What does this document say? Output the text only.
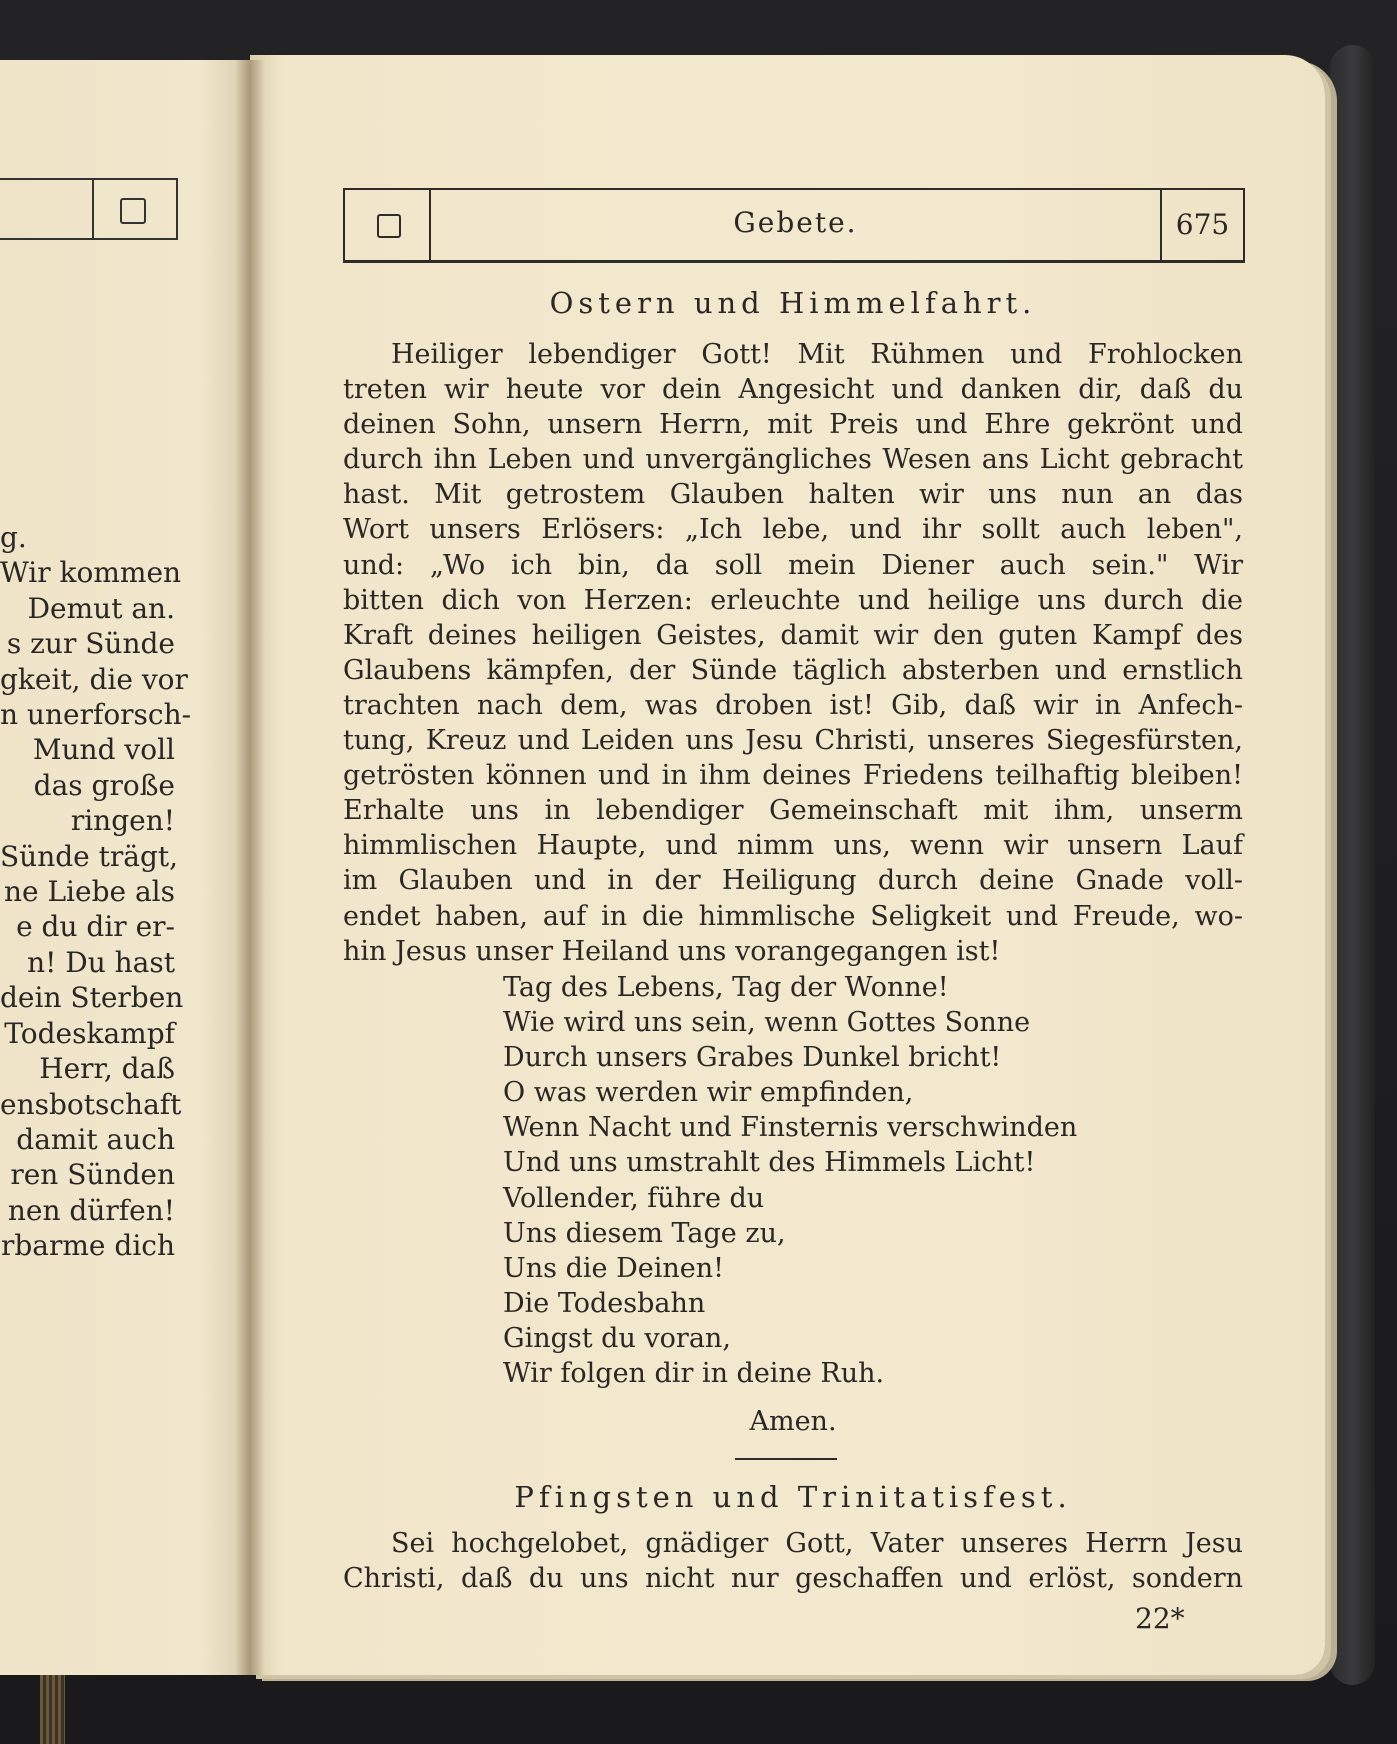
g.
Wir kommen
Demut an.
s zur Sünde
gkeit, die vor
n unerforsch-
Mund voll
das große
ringen!
Sünde trägt,
ne Liebe als
e du dir er-
n! Du hast
dein Sterben
Todeskampf
Herr, daß
ensbotschaft
damit auch
ren Sünden
nen dürfen!
rbarme dich
Gebete.	675
Ostern und Himmelfahrt.
Heiliger lebendiger Gott! Mit Rühmen und Frohlocken
treten wir heute vor dein Angesicht und danken dir, daß du
deinen Sohn, unsern Herrn, mit Preis und Ehre gekrönt und
durch ihn Leben und unvergängliches Wesen ans Licht gebracht
hast. Mit getrostem Glauben halten wir uns nun an das
Wort unsers Erlösers: „Ich lebe, und ihr sollt auch leben",
und: „Wo ich bin, da soll mein Diener auch sein." Wir
bitten dich von Herzen: erleuchte und heilige uns durch die
Kraft deines heiligen Geistes, damit wir den guten Kampf des
Glaubens kämpfen, der Sünde täglich absterben und ernstlich
trachten nach dem, was droben ist! Gib, daß wir in Anfech-
tung, Kreuz und Leiden uns Jesu Christi, unseres Siegesfürsten,
getrösten können und in ihm deines Friedens teilhaftig bleiben!
Erhalte uns in lebendiger Gemeinschaft mit ihm, unserm
himmlischen Haupte, und nimm uns, wenn wir unsern Lauf
im Glauben und in der Heiligung durch deine Gnade voll-
endet haben, auf in die himmlische Seligkeit und Freude, wo-
hin Jesus unser Heiland uns vorangegangen ist!
Tag des Lebens, Tag der Wonne!
Wie wird uns sein, wenn Gottes Sonne
Durch unsers Grabes Dunkel bricht!
O was werden wir empfinden,
Wenn Nacht und Finsternis verschwinden
Und uns umstrahlt des Himmels Licht!
Vollender, führe du
Uns diesem Tage zu,
Uns die Deinen!
Die Todesbahn
Gingst du voran,
Wir folgen dir in deine Ruh.
Amen.
Pfingsten und Trinitatisfest.
Sei hochgelobet, gnädiger Gott, Vater unseres Herrn Jesu
Christi, daß du uns nicht nur geschaffen und erlöst, sondern
22*
